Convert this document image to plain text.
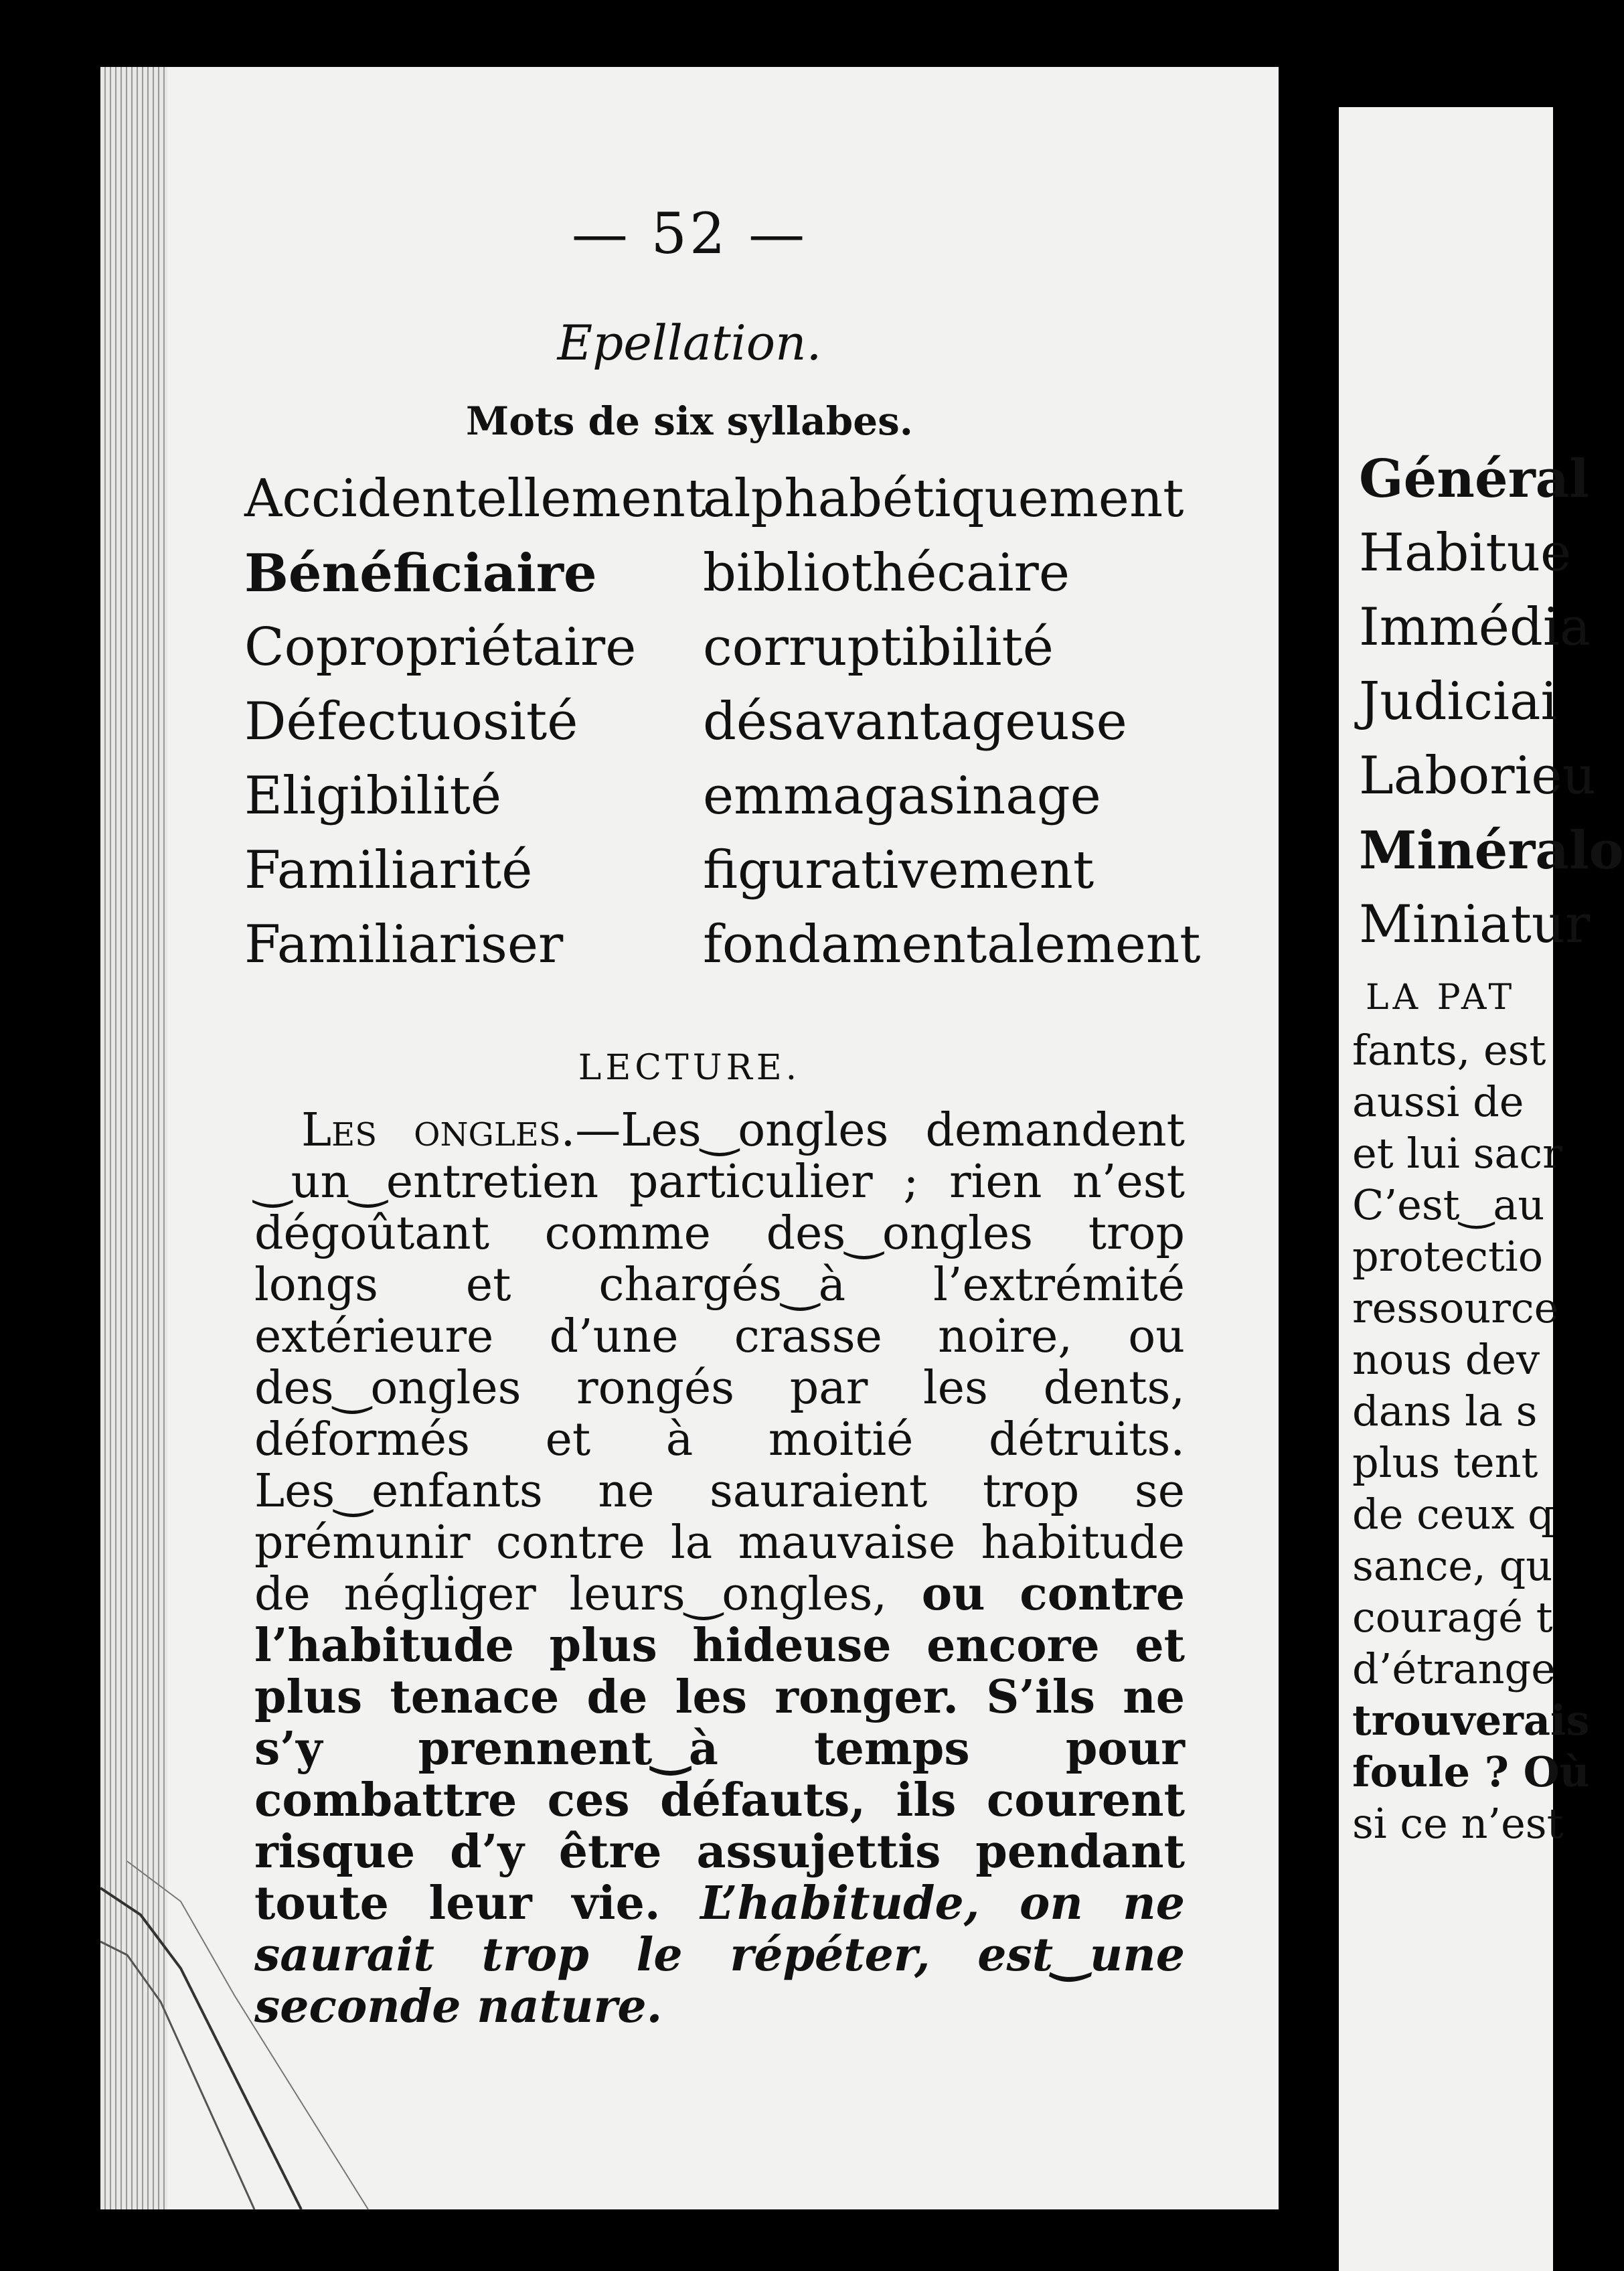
— 52 —
Epellation.
Mots de six syllabes.
Accidentellement
Bénéficiaire
Copropriétaire
Défectuosité
Eligibilité
Familiarité
Familiariser
alphabétiquement
bibliothécaire
corruptibilité
désavantageuse
emmagasinage
figurativement
fondamentalement
LECTURE.

Les ongles.—Les‿ongles demandent ‿un‿entretien particulier ; rien n’est dégoûtant comme des‿ongles trop longs et chargés‿à l’extrémité extérieure d’une crasse noire, ou des‿ongles rongés par les dents, déformés et à moitié détruits. Les‿enfants ne sauraient trop se prémunir contre la mauvaise habitude de négliger leurs‿ongles, ou contre l’habitude plus hideuse encore et plus tenace de les ronger. S’ils ne s’y prennent‿à temps pour combattre ces défauts, ils courent risque d’y être assujettis pendant toute leur vie. L’habitude, on ne saurait trop le répéter, est‿une seconde nature.

Général
Habitue
Immédia
Judiciai
Laborieu
Minéralo
Miniatur
LA PAT
fants, est
aussi de
et lui sacr
C’est‿au
protectio
ressource
nous dev
dans la s
plus tent
de ceux q
sance, qu
couragé t
d’étrange
trouverais
foule ? Où
si ce n’est
